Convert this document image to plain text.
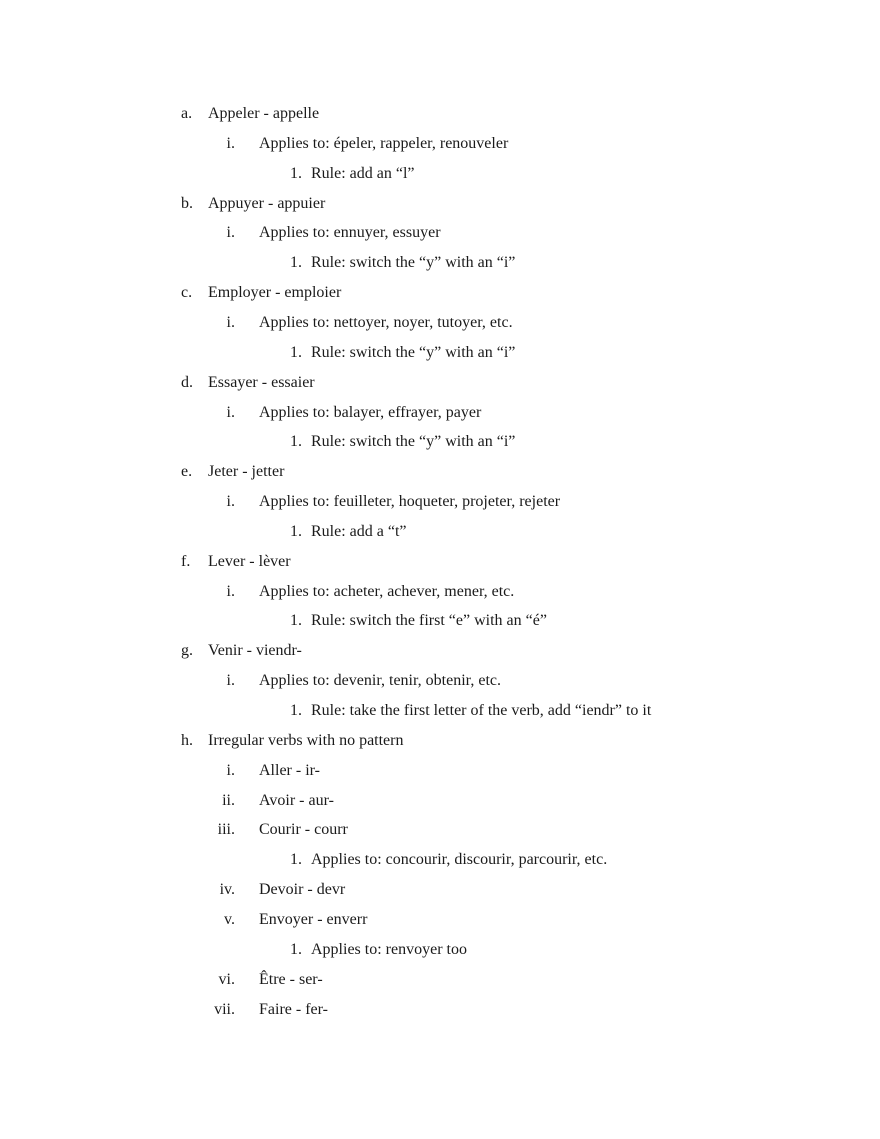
a. Appeler - appelle
i. Applies to: épeler, rappeler, renouveler
1. Rule: add an “l”
b. Appuyer - appuier
i. Applies to: ennuyer, essuyer
1. Rule: switch the “y” with an “i”
c. Employer - emploier
i. Applies to: nettoyer, noyer, tutoyer, etc.
1. Rule: switch the “y” with an “i”
d. Essayer - essaier
i. Applies to: balayer, effrayer, payer
1. Rule: switch the “y” with an “i”
e. Jeter - jetter
i. Applies to: feuilleter, hoqueter, projeter, rejeter
1. Rule: add a “t”
f.	Lever - lèver
i. Applies to: acheter, achever, mener, etc.
1. Rule: switch the first “e” with an “é”
g. Venir - viendr-
i. Applies to: devenir, tenir, obtenir, etc.
1. Rule: take the first letter of the verb, add “iendr” to it
h. Irregular verbs with no pattern
i. Aller - ir-
ii. Avoir - aur-
iii. Courir - courr
1. Applies to: concourir, discourir, parcourir, etc.
iv. Devoir - devr
v. Envoyer - enverr
1. Applies to: renvoyer too
vi. Être - ser-
vii. Faire - fer-
